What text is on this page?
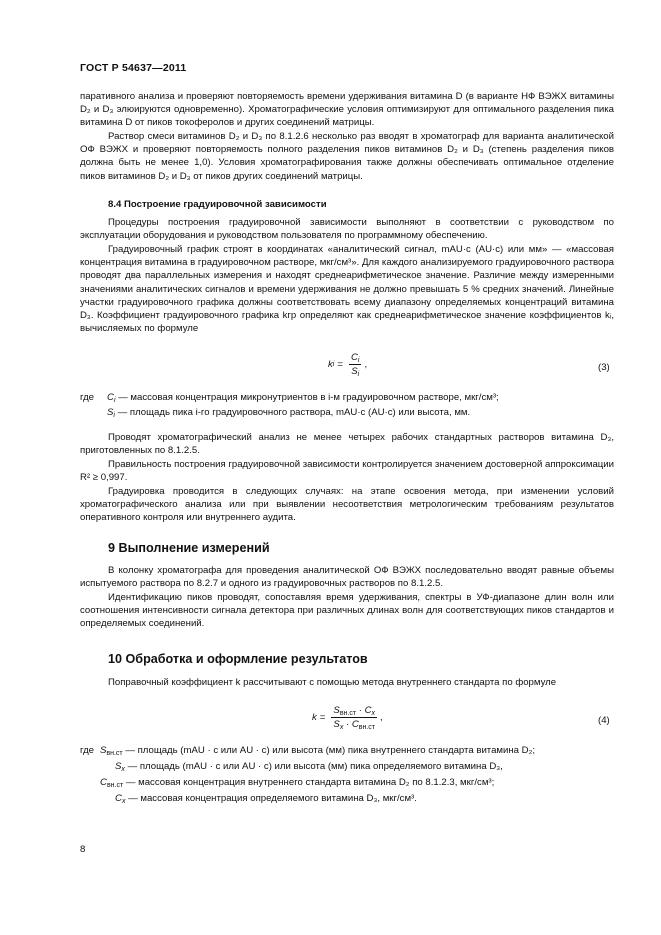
ГОСТ Р 54637—2011
паративного анализа и проверяют повторяемость времени удерживания витамина D (в варианте НФ ВЭЖХ витамины D₂ и D₃ элюируются одновременно). Хроматографические условия оптимизируют для оптимального разделения пика витамина D от пиков токоферолов и других соединений матрицы.
Раствор смеси витаминов D₂ и D₃ по 8.1.2.6 несколько раз вводят в хроматограф для варианта аналитической ОФ ВЭЖХ и проверяют повторяемость полного разделения пиков витаминов D₂ и D₃ (степень разделения пиков должна быть не менее 1,0). Условия хроматографирования также должны обеспечивать оптимальное отделение пиков витаминов D₂ и D₃ от пиков других соединений матрицы.
8.4 Построение градуировочной зависимости
Процедуры построения градуировочной зависимости выполняют в соответствии с руководством по эксплуатации оборудования и руководством пользователя по программному обеспечению.
Градуировочный график строят в координатах «аналитический сигнал, mAU·c (AU·c) или мм» — «массовая концентрация витамина в градуировочном растворе, мкг/см³». Для каждого анализируемого градуировочного раствора проводят два параллельных измерения и находят среднеарифметическое значение. Различие между измеренными значениями аналитических сигналов и времени удерживания не должно превышать 5 % средних значений. Линейные участки градуировочного графика должны соответствовать всему диапазону определяемых концентраций витамина D₃. Коэффициент градуировочного графика kгр определяют как среднеарифметическое значение коэффициентов kᵢ, вычисляемых по формуле
k $i = \frac{C_i}{S_i}$ ,	(3)
где $C_i$ — массовая концентрация микронутриентов в i-м градуировочном растворе, мкг/см³;
$S_i$ — площадь пика i-го градуировочного раствора, mAU·c (AU·c) или высота, мм.
Проводят хроматографический анализ не менее четырех рабочих стандартных растворов витамина D₃, приготовленных по 8.1.2.5.
Правильность построения градуировочной зависимости контролируется значением достоверной аппроксимации R² ≥ 0,997.
Градуировка проводится в следующих случаях: на этапе освоения метода, при изменении условий хроматографического анализа или при выявлении несоответствия метрологическим требованиям результатов оперативного контроля или внутреннего аудита.
9 Выполнение измерений
В колонку хроматографа для проведения аналитической ОФ ВЭЖХ последовательно вводят равные объемы испытуемого раствора по 8.2.7 и одного из градуировочных растворов по 8.1.2.5.
Идентификацию пиков проводят, сопоставляя время удерживания, спектры в УФ-диапазоне длин волн или соотношения интенсивности сигнала детектора при различных длинах волн для соответствующих пиков стандартов и определяемых соединений.
10 Обработка и оформление результатов
Поправочный коэффициент k рассчитывают с помощью метода внутреннего стандарта по формуле
$k = \frac{S_{вн.ст} \cdot C_x}{S_x \cdot C_{вн.ст}}$ ,	(4)
где $S_{вн.ст}$ — площадь (mAU · с или AU · с) или высота (мм) пика внутреннего стандарта витамина D₂;
$S_x$ — площадь (mAU · с или AU · с) или высота (мм) пика определяемого витамина D₃,
$C_{вн.ст}$ — массовая концентрация внутреннего стандарта витамина D₂ по 8.1.2.3, мкг/см³;
$C_x$ — массовая концентрация определяемого витамина D₃, мкг/см³.
8
